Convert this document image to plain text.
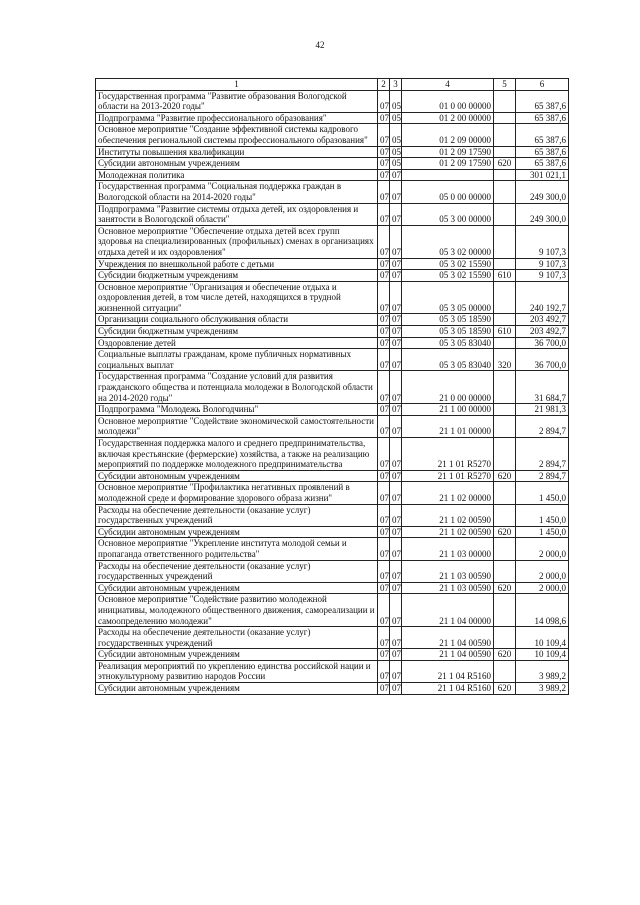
42
1	2	3	4	5	6
Государственная программа "Развитие образования Вологодской области на 2013-2020 годы"	07	05	01 0 00 00000		65 387,6
Подпрограмма "Развитие профессионального образования"	07	05	01 2 00 00000		65 387,6
Основное мероприятие "Создание эффективной системы кадрового обеспечения региональной системы профессионального образования"	07	05	01 2 09 00000		65 387,6
Институты повышения квалификации	07	05	01 2 09 17590		65 387,6
Субсидии автономным учреждениям	07	05	01 2 09 17590	620	65 387,6
Молодежная политика	07	07			301 021,1
Государственная программа "Социальная поддержка граждан в Вологодской области на 2014-2020 годы"	07	07	05 0 00 00000		249 300,0
Подпрограмма "Развитие системы отдыха детей, их оздоровления и занятости в Вологодской области"	07	07	05 3 00 00000		249 300,0
Основное мероприятие "Обеспечение отдыха детей всех групп здоровья на специализированных (профильных) сменах в организациях отдыха детей и их оздоровления"	07	07	05 3 02 00000		9 107,3
Учреждения по внешкольной работе с детьми	07	07	05 3 02 15590		9 107,3
Субсидии бюджетным учреждениям	07	07	05 3 02 15590	610	9 107,3
Основное мероприятие "Организация и обеспечение отдыха и оздоровления детей, в том числе детей, находящихся в трудной жизненной ситуации"	07	07	05 3 05 00000		240 192,7
Организации социального обслуживания области	07	07	05 3 05 18590		203 492,7
Субсидии бюджетным учреждениям	07	07	05 3 05 18590	610	203 492,7
Оздоровление детей	07	07	05 3 05 83040		36 700,0
Социальные выплаты гражданам, кроме публичных нормативных социальных выплат	07	07	05 3 05 83040	320	36 700,0
Государственная программа "Создание условий для развития гражданского общества и потенциала молодежи в Вологодской области на 2014-2020 годы"	07	07	21 0 00 00000		31 684,7
Подпрограмма "Молодежь Вологодчины"	07	07	21 1 00 00000		21 981,3
Основное мероприятие "Содействие экономической самостоятельности молодежи"	07	07	21 1 01 00000		2 894,7
Государственная поддержка малого и среднего предпринимательства, включая крестьянские (фермерские) хозяйства, а также на реализацию мероприятий по поддержке молодежного предпринимательства	07	07	21 1 01 R5270		2 894,7
Субсидии автономным учреждениям	07	07	21 1 01 R5270	620	2 894,7
Основное мероприятие "Профилактика негативных проявлений в молодежной среде и формирование здорового образа жизни"	07	07	21 1 02 00000		1 450,0
Расходы на обеспечение деятельности (оказание услуг) государственных учреждений	07	07	21 1 02 00590		1 450,0
Субсидии автономным учреждениям	07	07	21 1 02 00590	620	1 450,0
Основное мероприятие "Укрепление института молодой семьи и пропаганда ответственного родительства"	07	07	21 1 03 00000		2 000,0
Расходы на обеспечение деятельности (оказание услуг) государственных учреждений	07	07	21 1 03 00590		2 000,0
Субсидии автономным учреждениям	07	07	21 1 03 00590	620	2 000,0
Основное мероприятие "Содействие развитию молодежной инициативы, молодежного общественного движения, самореализации и самоопределению молодежи"	07	07	21 1 04 00000		14 098,6
Расходы на обеспечение деятельности (оказание услуг) государственных учреждений	07	07	21 1 04 00590		10 109,4
Субсидии автономным учреждениям	07	07	21 1 04 00590	620	10 109,4
Реализация мероприятий по укреплению единства российской нации и этнокультурному развитию народов России	07	07	21 1 04 R5160		3 989,2
Субсидии автономным учреждениям	07	07	21 1 04 R5160	620	3 989,2
